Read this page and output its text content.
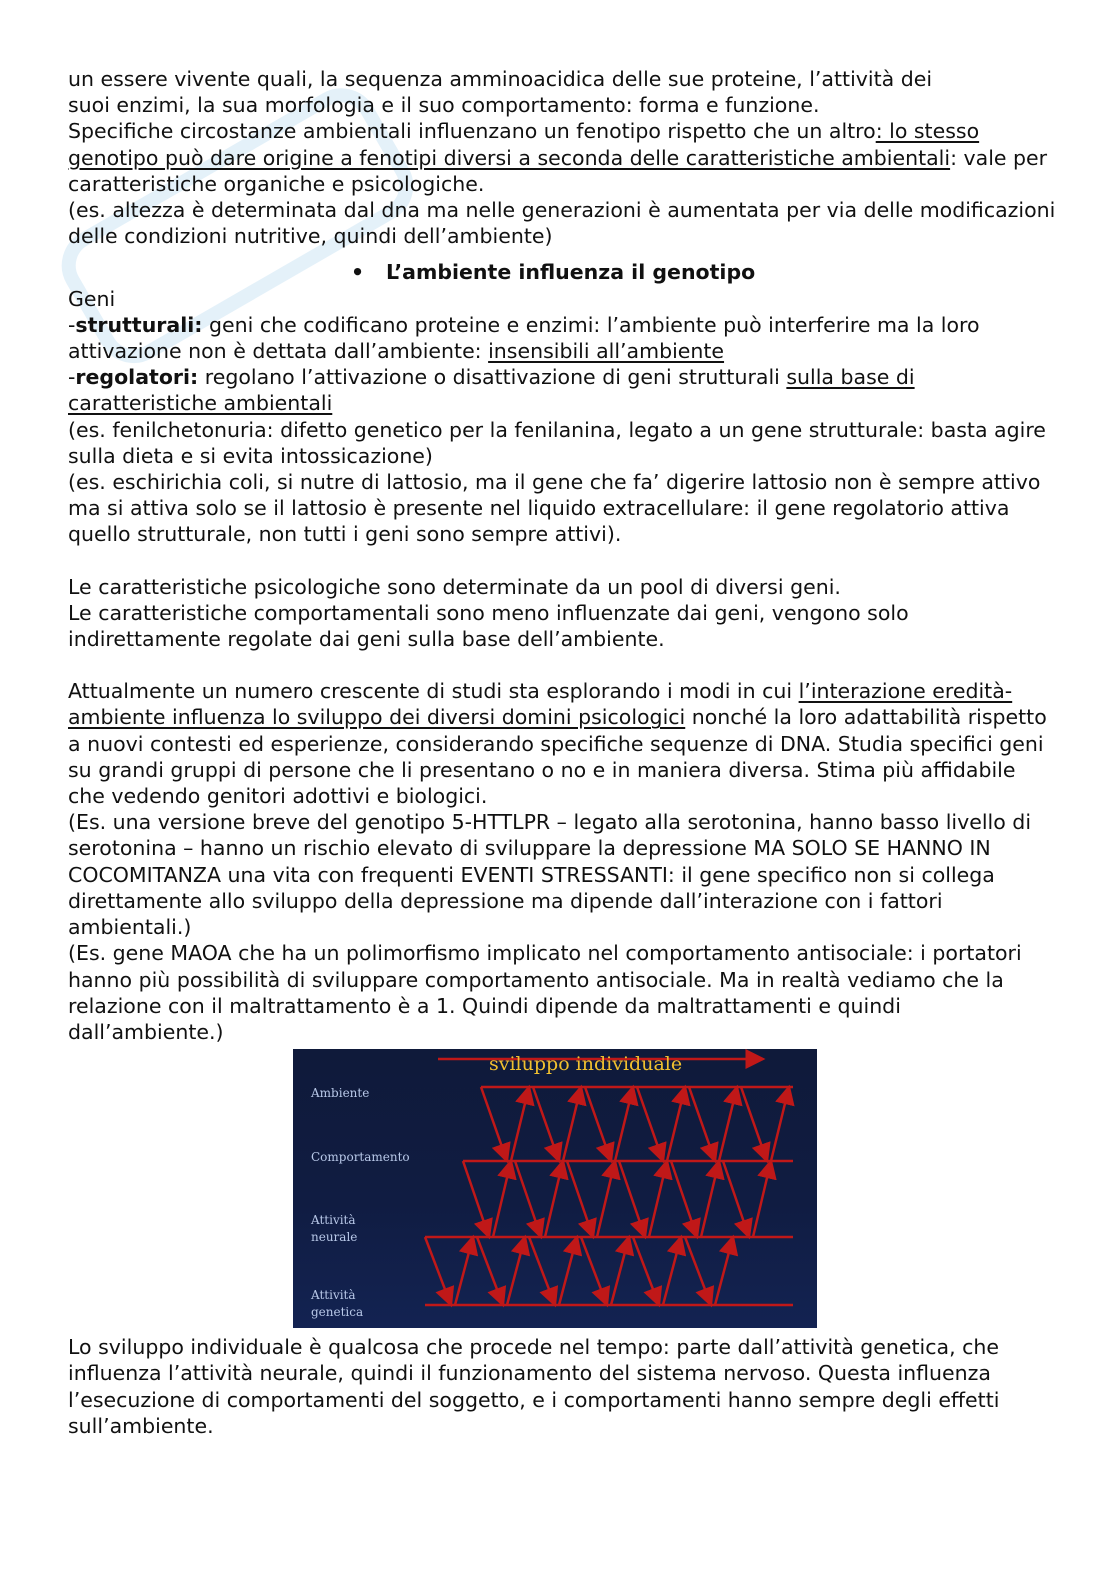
un essere vivente quali, la sequenza amminoacidica delle sue proteine, l’attività dei

suoi enzimi, la sua morfologia e il suo comportamento: forma e funzione.

Specifiche circostanze ambientali influenzano un fenotipo rispetto che un altro: lo stesso genotipo può dare origine a fenotipi diversi a seconda delle caratteristiche ambientali: vale per caratteristiche organiche e psicologiche.

(es. altezza è determinata dal dna ma nelle generazioni è aumentata per via delle modificazioni delle condizioni nutritive, quindi dell’ambiente)

• L’ambiente influenza il genotipo

Geni

-strutturali: geni che codificano proteine e enzimi: l’ambiente può interferire ma la loro attivazione non è dettata dall’ambiente: insensibili all’ambiente

-regolatori: regolano l’attivazione o disattivazione di geni strutturali sulla base di caratteristiche ambientali

(es. fenilchetonuria: difetto genetico per la fenilanina, legato a un gene strutturale: basta agire sulla dieta e si evita intossicazione)

(es. eschirichia coli, si nutre di lattosio, ma il gene che fa’ digerire lattosio non è sempre attivo ma si attiva solo se il lattosio è presente nel liquido extracellulare: il gene regolatorio attiva quello strutturale, non tutti i geni sono sempre attivi).

Le caratteristiche psicologiche sono determinate da un pool di diversi geni.

Le caratteristiche comportamentali sono meno influenzate dai geni, vengono solo indirettamente regolate dai geni sulla base dell’ambiente.

Attualmente un numero crescente di studi sta esplorando i modi in cui l’interazione eredità-ambiente influenza lo sviluppo dei diversi domini psicologici nonché la loro adattabilità rispetto a nuovi contesti ed esperienze, considerando specifiche sequenze di DNA. Studia specifici geni su grandi gruppi di persone che li presentano o no e in maniera diversa. Stima più affidabile che vedendo genitori adottivi e biologici.

(Es. una versione breve del genotipo 5-HTTLPR – legato alla serotonina, hanno basso livello di serotonina – hanno un rischio elevato di sviluppare la depressione MA SOLO SE HANNO IN COCOMITANZA una vita con frequenti EVENTI STRESSANTI: il gene specifico non si collega direttamente allo sviluppo della depressione ma dipende dall’interazione con i fattori ambientali.)

(Es. gene MAOA che ha un polimorfismo implicato nel comportamento antisociale: i portatori hanno più possibilità di sviluppare comportamento antisociale. Ma in realtà vediamo che la relazione con il maltrattamento è a 1. Quindi dipende da maltrattamenti e quindi dall’ambiente.)

sviluppo individuale
Ambiente
Comportamento
Attività
neurale
Attività
genetica

Lo sviluppo individuale è qualcosa che procede nel tempo: parte dall’attività genetica, che influenza l’attività neurale, quindi il funzionamento del sistema nervoso. Questa influenza l’esecuzione di comportamenti del soggetto, e i comportamenti hanno sempre degli effetti sull’ambiente.
